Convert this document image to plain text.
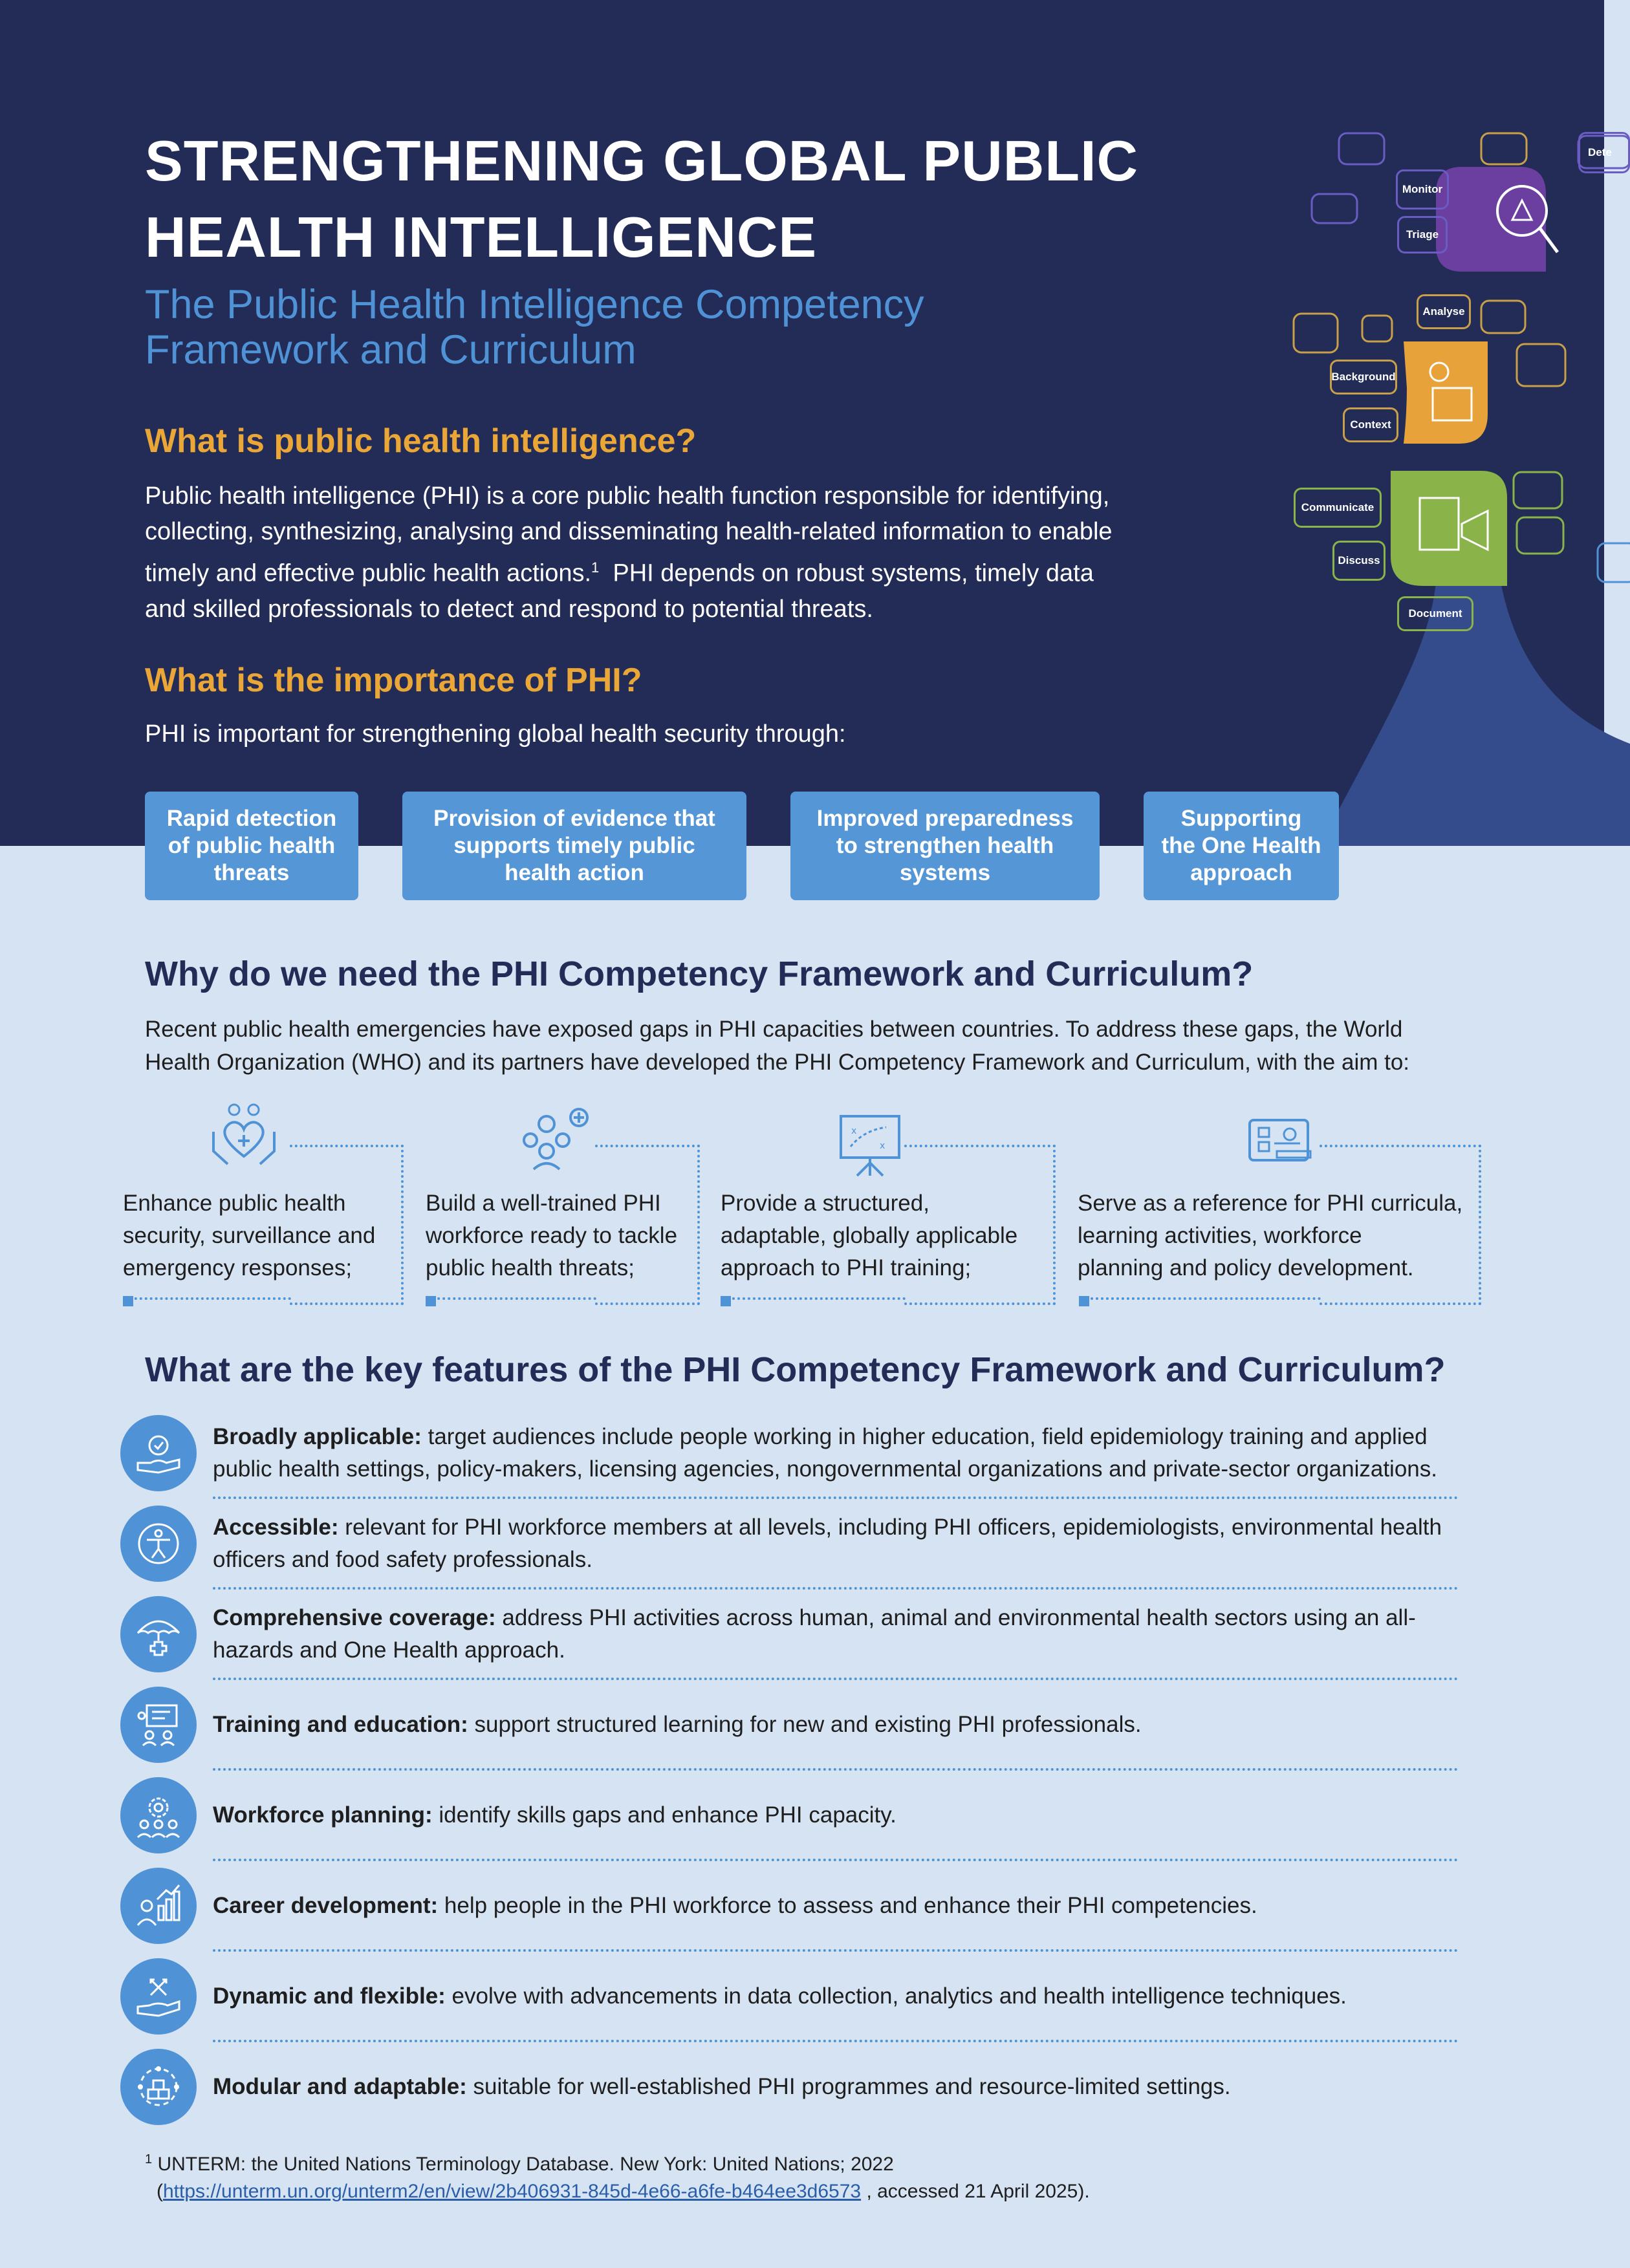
Monitor
Triage
Analyse
Background
Context
Communicate
Discuss
Document
Dete
STRENGTHENING GLOBAL PUBLIC
HEALTH INTELLIGENCE
The Public Health Intelligence Competency
Framework and Curriculum
What is public health intelligence?
Public health intelligence (PHI) is a core public health function responsible for identifying,
collecting, synthesizing, analysing and disseminating health-related information to enable
timely and effective public health actions.$^1$  PHI depends on robust systems, timely data
and skilled professionals to detect and respond to potential threats.
What is the importance of PHI?
PHI is important for strengthening global health security through:
Rapid detection
of public health
threats
Provision of evidence that
supports timely public
health action
Improved preparedness
to strengthen health
systems
Supporting
the One Health
approach
Why do we need the PHI Competency Framework and Curriculum?
Recent public health emergencies have exposed gaps in PHI capacities between countries. To address these gaps, the World
Health Organization (WHO) and its partners have developed the PHI Competency Framework and Curriculum, with the aim to:
Enhance public health
security, surveillance and
emergency responses;
Build a well-trained PHI
workforce ready to tackle
public health threats;
x
x
Provide a structured,
adaptable, globally applicable
approach to PHI training;
Serve as a reference for PHI curricula,
learning activities, workforce
planning and policy development.
What are the key features of the PHI Competency Framework and Curriculum?
Broadly applicable: target audiences include people working in higher education, field epidemiology training and applied public health settings, policy-makers, licensing agencies, nongovernmental organizations and private-sector organizations.
Accessible: relevant for PHI workforce members at all levels, including PHI officers, epidemiologists, environmental health officers and food safety professionals.
Comprehensive coverage: address PHI activities across human, animal and environmental health sectors using an all-hazards and One Health approach.
Training and education: support structured learning for new and existing PHI professionals.
Workforce planning: identify skills gaps and enhance PHI capacity.
Career development: help people in the PHI workforce to assess and enhance their PHI competencies.
Dynamic and flexible: evolve with advancements in data collection, analytics and health intelligence techniques.
Modular and adaptable: suitable for well-established PHI programmes and resource-limited settings.
$^1$ UNTERM: the United Nations Terminology Database. New York: United Nations; 2022
(https://unterm.un.org/unterm2/en/view/2b406931-845d-4e66-a6fe-b464ee3d6573 , accessed 21 April 2025).
